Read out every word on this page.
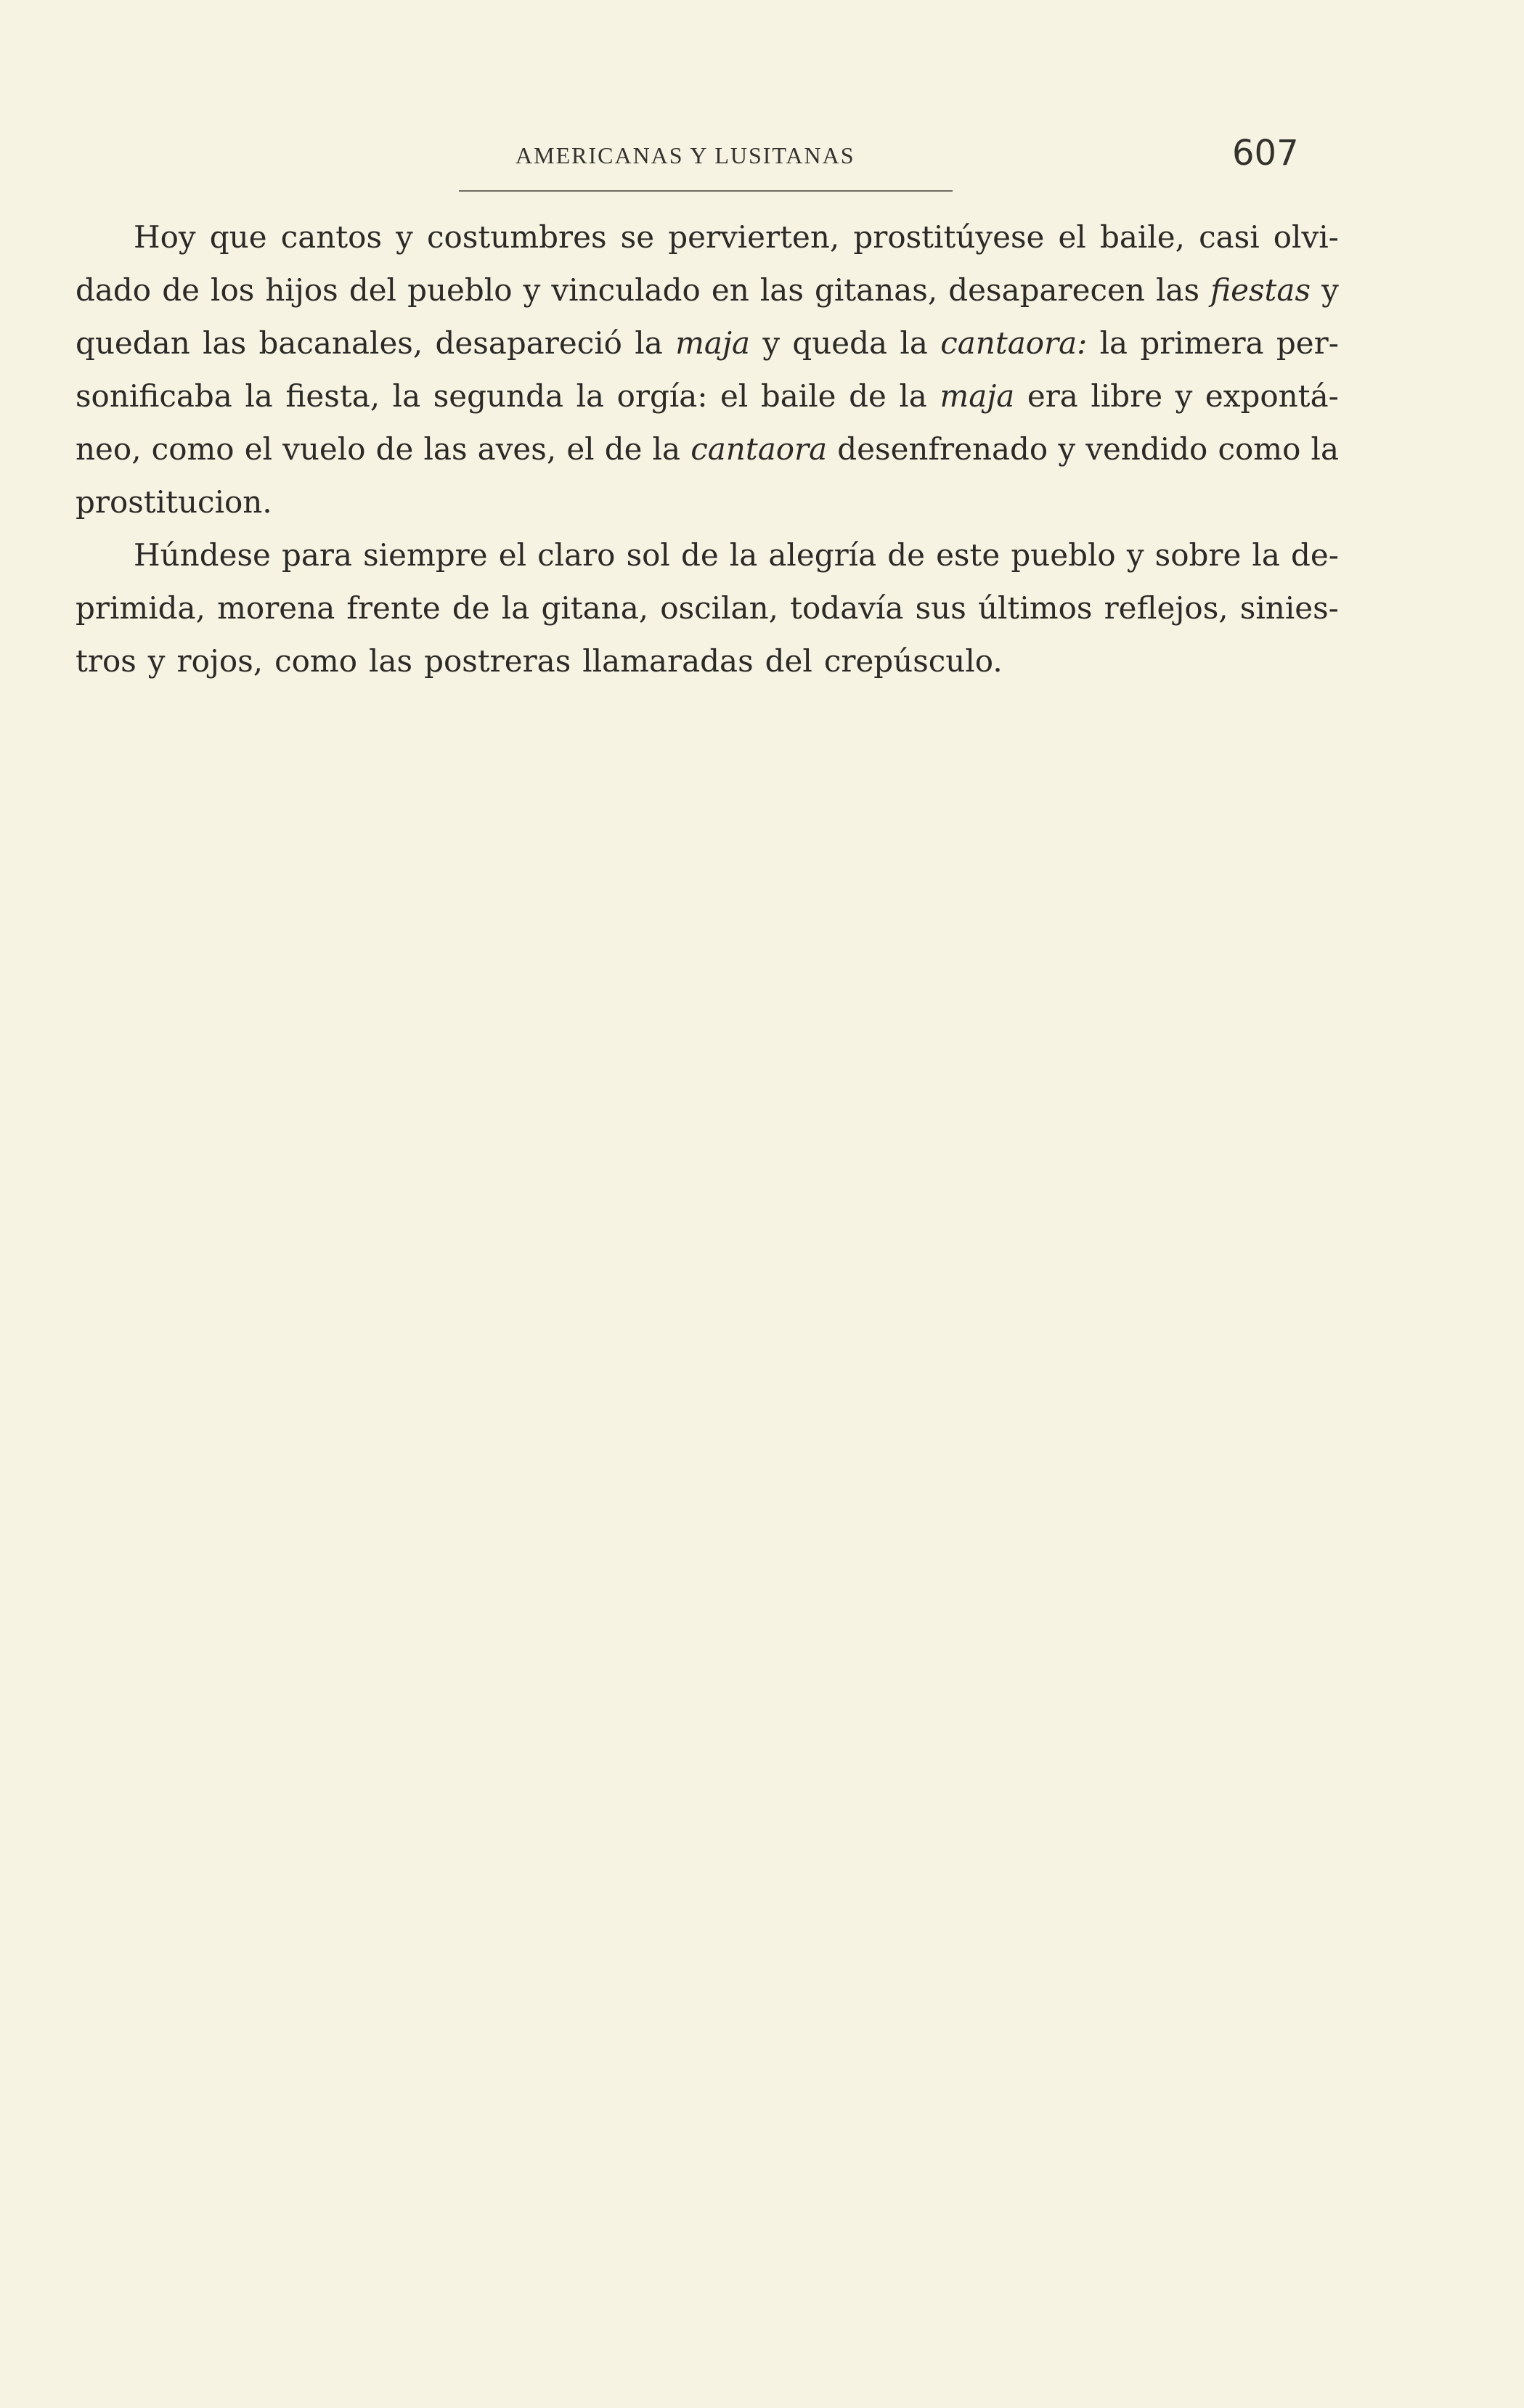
AMERICANAS Y LUSITANAS	607
Hoy que cantos y costumbres se pervierten, prostitúyese el baile, casi olvi-
dado de los hijos del pueblo y vinculado en las gitanas, desaparecen las fiestas y
quedan las bacanales, desapareció la maja y queda la cantaora: la primera per-
sonificaba la fiesta, la segunda la orgía: el baile de la maja era libre y expontá-
neo, como el vuelo de las aves, el de la cantaora desenfrenado y vendido como la
prostitucion.
Húndese para siempre el claro sol de la alegría de este pueblo y sobre la de-
primida, morena frente de la gitana, oscilan, todavía sus últimos reflejos, sinies-
tros y rojos, como las postreras llamaradas del crepúsculo.
